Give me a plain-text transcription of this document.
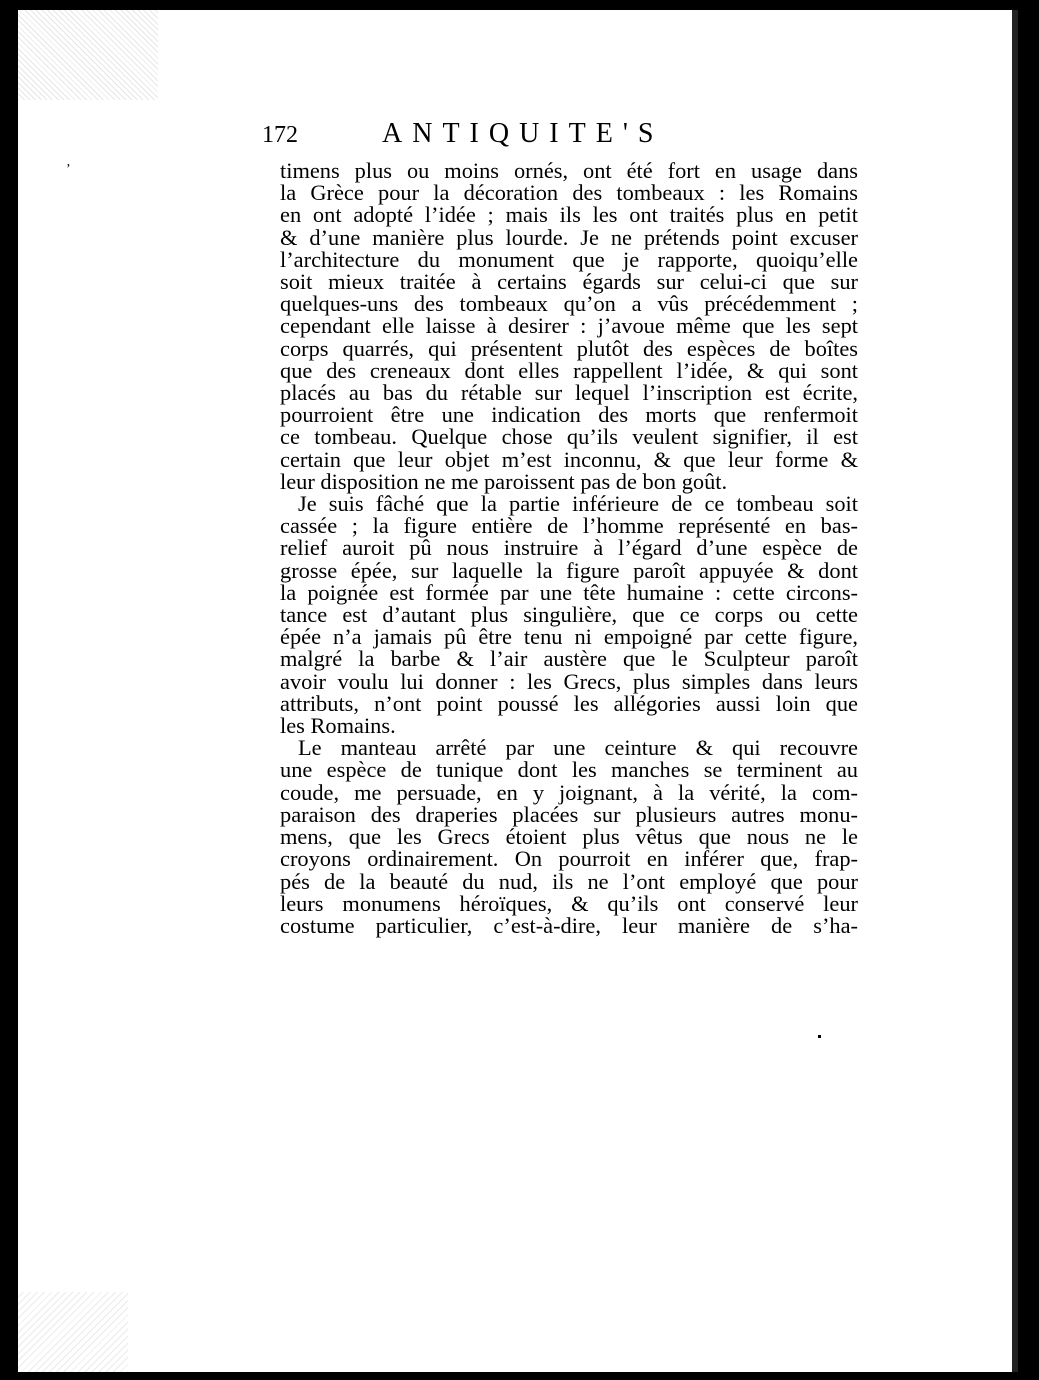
172	ANTIQUITE'S
’	timens plus ou moins ornés, ont été fort en usage dans
la Grèce pour la décoration des tombeaux : les Romains
en ont adopté l’idée ; mais ils les ont traités plus en petit
& d’une manière plus lourde. Je ne prétends point excuser
l’architecture du monument que je rapporte, quoiqu’elle
soit mieux traitée à certains égards sur celui-ci que sur
quelques-uns des tombeaux qu’on a vûs précédemment ;
cependant elle laisse à desirer : j’avoue même que les sept
corps quarrés, qui présentent plutôt des espèces de boîtes
que des creneaux dont elles rappellent l’idée, & qui sont
placés au bas du rétable sur lequel l’inscription est écrite,
pourroient être une indication des morts que renfermoit
ce tombeau. Quelque chose qu’ils veulent signifier, il est
certain que leur objet m’est inconnu, & que leur forme &
leur disposition ne me paroissent pas de bon goût.
Je suis fâché que la partie inférieure de ce tombeau soit
cassée ; la figure entière de l’homme représenté en bas-
relief auroit pû nous instruire à l’égard d’une espèce de
grosse épée, sur laquelle la figure paroît appuyée & dont
la poignée est formée par une tête humaine : cette circons-
tance est d’autant plus singulière, que ce corps ou cette
épée n’a jamais pû être tenu ni empoigné par cette figure,
malgré la barbe & l’air austère que le Sculpteur paroît
avoir voulu lui donner : les Grecs, plus simples dans leurs
attributs, n’ont point poussé les allégories aussi loin que
les Romains.
Le manteau arrêté par une ceinture & qui recouvre
une espèce de tunique dont les manches se terminent au
coude, me persuade, en y joignant, à la vérité, la com-
paraison des draperies placées sur plusieurs autres monu-
mens, que les Grecs étoient plus vêtus que nous ne le
croyons ordinairement. On pourroit en inférer que, frap-
pés de la beauté du nud, ils ne l’ont employé que pour
leurs monumens héroïques, & qu’ils ont conservé leur
costume particulier, c’est-à-dire, leur manière de s’ha-
